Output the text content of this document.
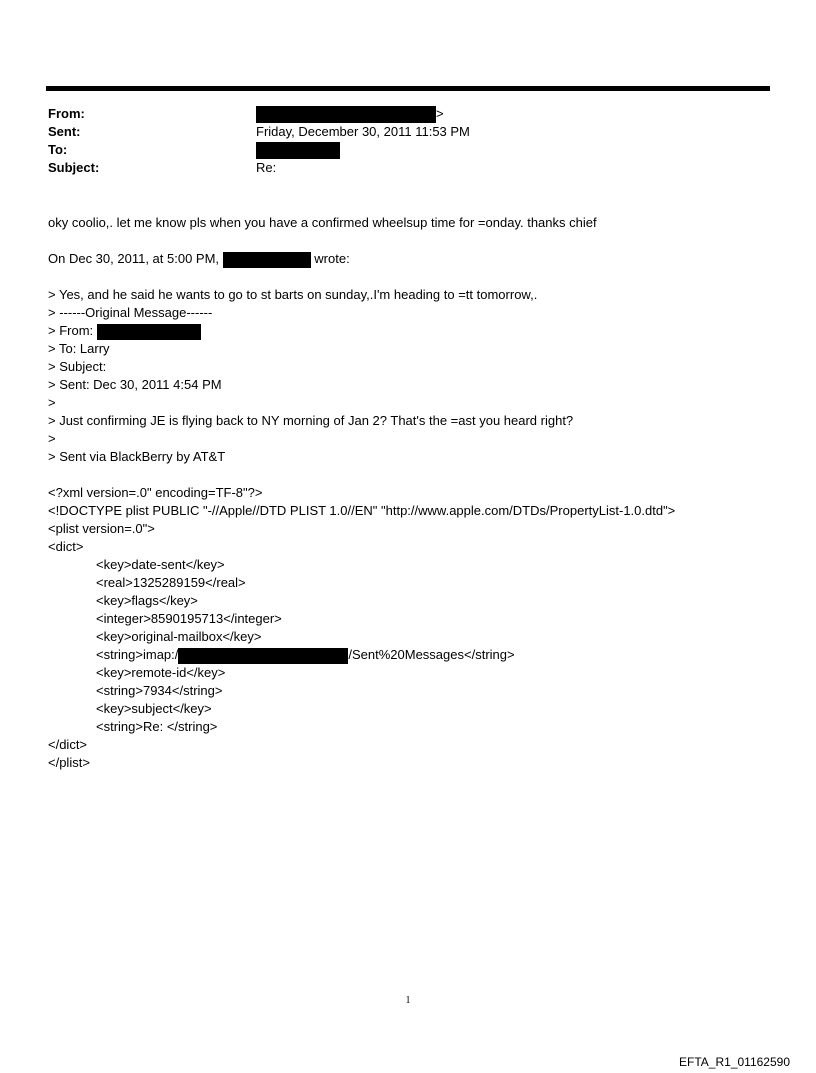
From:	>
Sent:	Friday, December 30, 2011 11:53 PM
To:
Subject:	Re:
oky coolio,. let me know pls when you have a confirmed wheelsup time for =onday. thanks chief
On Dec 30, 2011, at 5:00 PM,	wrote:
> Yes, and he said he wants to go to st barts on sunday,.I'm heading to =tt tomorrow,.
> ------Original Message------
> From:
> To: Larry
> Subject:
> Sent: Dec 30, 2011 4:54 PM
>
> Just confirming JE is flying back to NY morning of Jan 2? That's the =ast you heard right?
>
> Sent via BlackBerry by AT&T
<?xml version=.0" encoding=TF-8"?>
<!DOCTYPE plist PUBLIC "-//Apple//DTD PLIST 1.0//EN" "http://www.apple.com/DTDs/PropertyList-1.0.dtd">
<plist version=.0">
<dict>
<key>date-sent</key>
<real>1325289159</real>
<key>flags</key>
<integer>8590195713</integer>
<key>original-mailbox</key>
<string>imap:/	/Sent%20Messages</string>
<key>remote-id</key>
<string>7934</string>
<key>subject</key>
<string>Re: </string>
</dict>
</plist>
1
EFTA_R1_01162590
